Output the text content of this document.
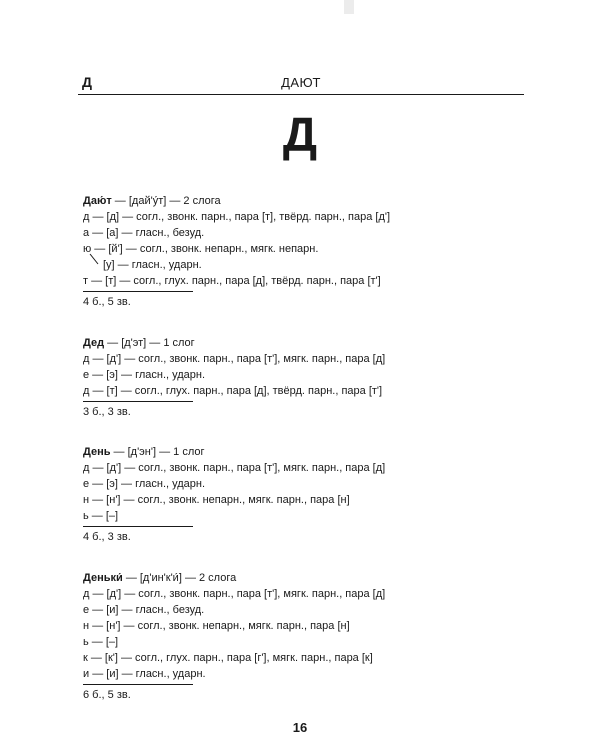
Д	ДАЮТ
Д
Даю́т — [дай'у́т] — 2 слога
д — [д] — согл., звонк. парн., пара [т], твёрд. парн., пара [д']
а — [а] — гласн., безуд.
ю — [й'] — согл., звонк. непарн., мягк. непарн.
[у] — гласн., ударн.
т — [т] — согл., глух. парн., пара [д], твёрд. парн., пара [т']
4 б., 5 зв.
Дед — [д'эт] — 1 слог
д — [д'] — согл., звонк. парн., пара [т'], мягк. парн., пара [д]
е — [э] — гласн., ударн.
д — [т] — согл., глух. парн., пара [д], твёрд. парн., пара [т']
3 б., 3 зв.
День — [д'эн'] — 1 слог
д — [д'] — согл., звонк. парн., пара [т'], мягк. парн., пара [д]
е — [э] — гласн., ударн.
н — [н'] — согл., звонк. непарн., мягк. парн., пара [н]
ь — [–]
4 б., 3 зв.
Деньки́ — [д'ин'к'и́] — 2 слога
д — [д'] — согл., звонк. парн., пара [т'], мягк. парн., пара [д]
е — [и] — гласн., безуд.
н — [н'] — согл., звонк. непарн., мягк. парн., пара [н]
ь — [–]
к — [к'] — согл., глух. парн., пара [г'], мягк. парн., пара [к]
и — [и] — гласн., ударн.
6 б., 5 зв.
16
